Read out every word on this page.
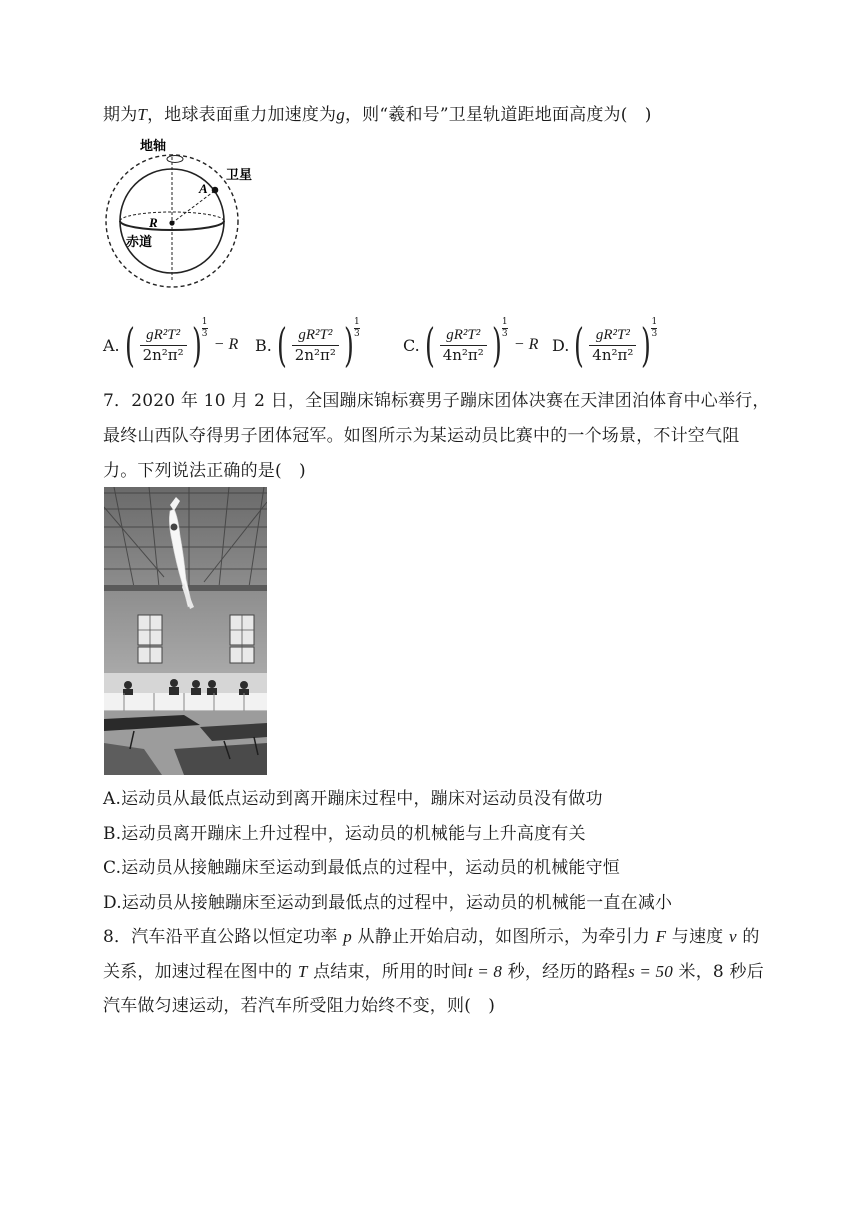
期为T，地球表面重力加速度为g，则“羲和号”卫星轨道距地面高度为(　)
地轴
卫星
A
R
赤道
A. ( $\frac{\text{gR²T²}}{\text{2n²π²}}$ ) 1
3
− R B. ( $\frac{\text{gR²T²}}{\text{2n²π²}}$ ) 1
3
C. ( $\frac{\text{gR²T²}}{\text{4n²π²}}$ ) 1
3
− R D. ( $\frac{\text{gR²T²}}{\text{4n²π²}}$ ) 1
3
7．2020 年 10 月 2 日，全国蹦床锦标赛男子蹦床团体决赛在天津团泊体育中心举行，
最终山西队夺得男子团体冠军。如图所示为某运动员比赛中的一个场景，不计空气阻
力。下列说法正确的是(　)
A.运动员从最低点运动到离开蹦床过程中，蹦床对运动员没有做功
B.运动员离开蹦床上升过程中，运动员的机械能与上升高度有关
C.运动员从接触蹦床至运动到最低点的过程中，运动员的机械能守恒
D.运动员从接触蹦床至运动到最低点的过程中，运动员的机械能一直在减小
8．汽车沿平直公路以恒定功率 p 从静止开始启动，如图所示，为牵引力 F 与速度 v 的
关系，加速过程在图中的 T 点结束，所用的时间t = 8 秒，经历的路程s = 50 米，8 秒后
汽车做匀速运动，若汽车所受阻力始终不变，则(　)
